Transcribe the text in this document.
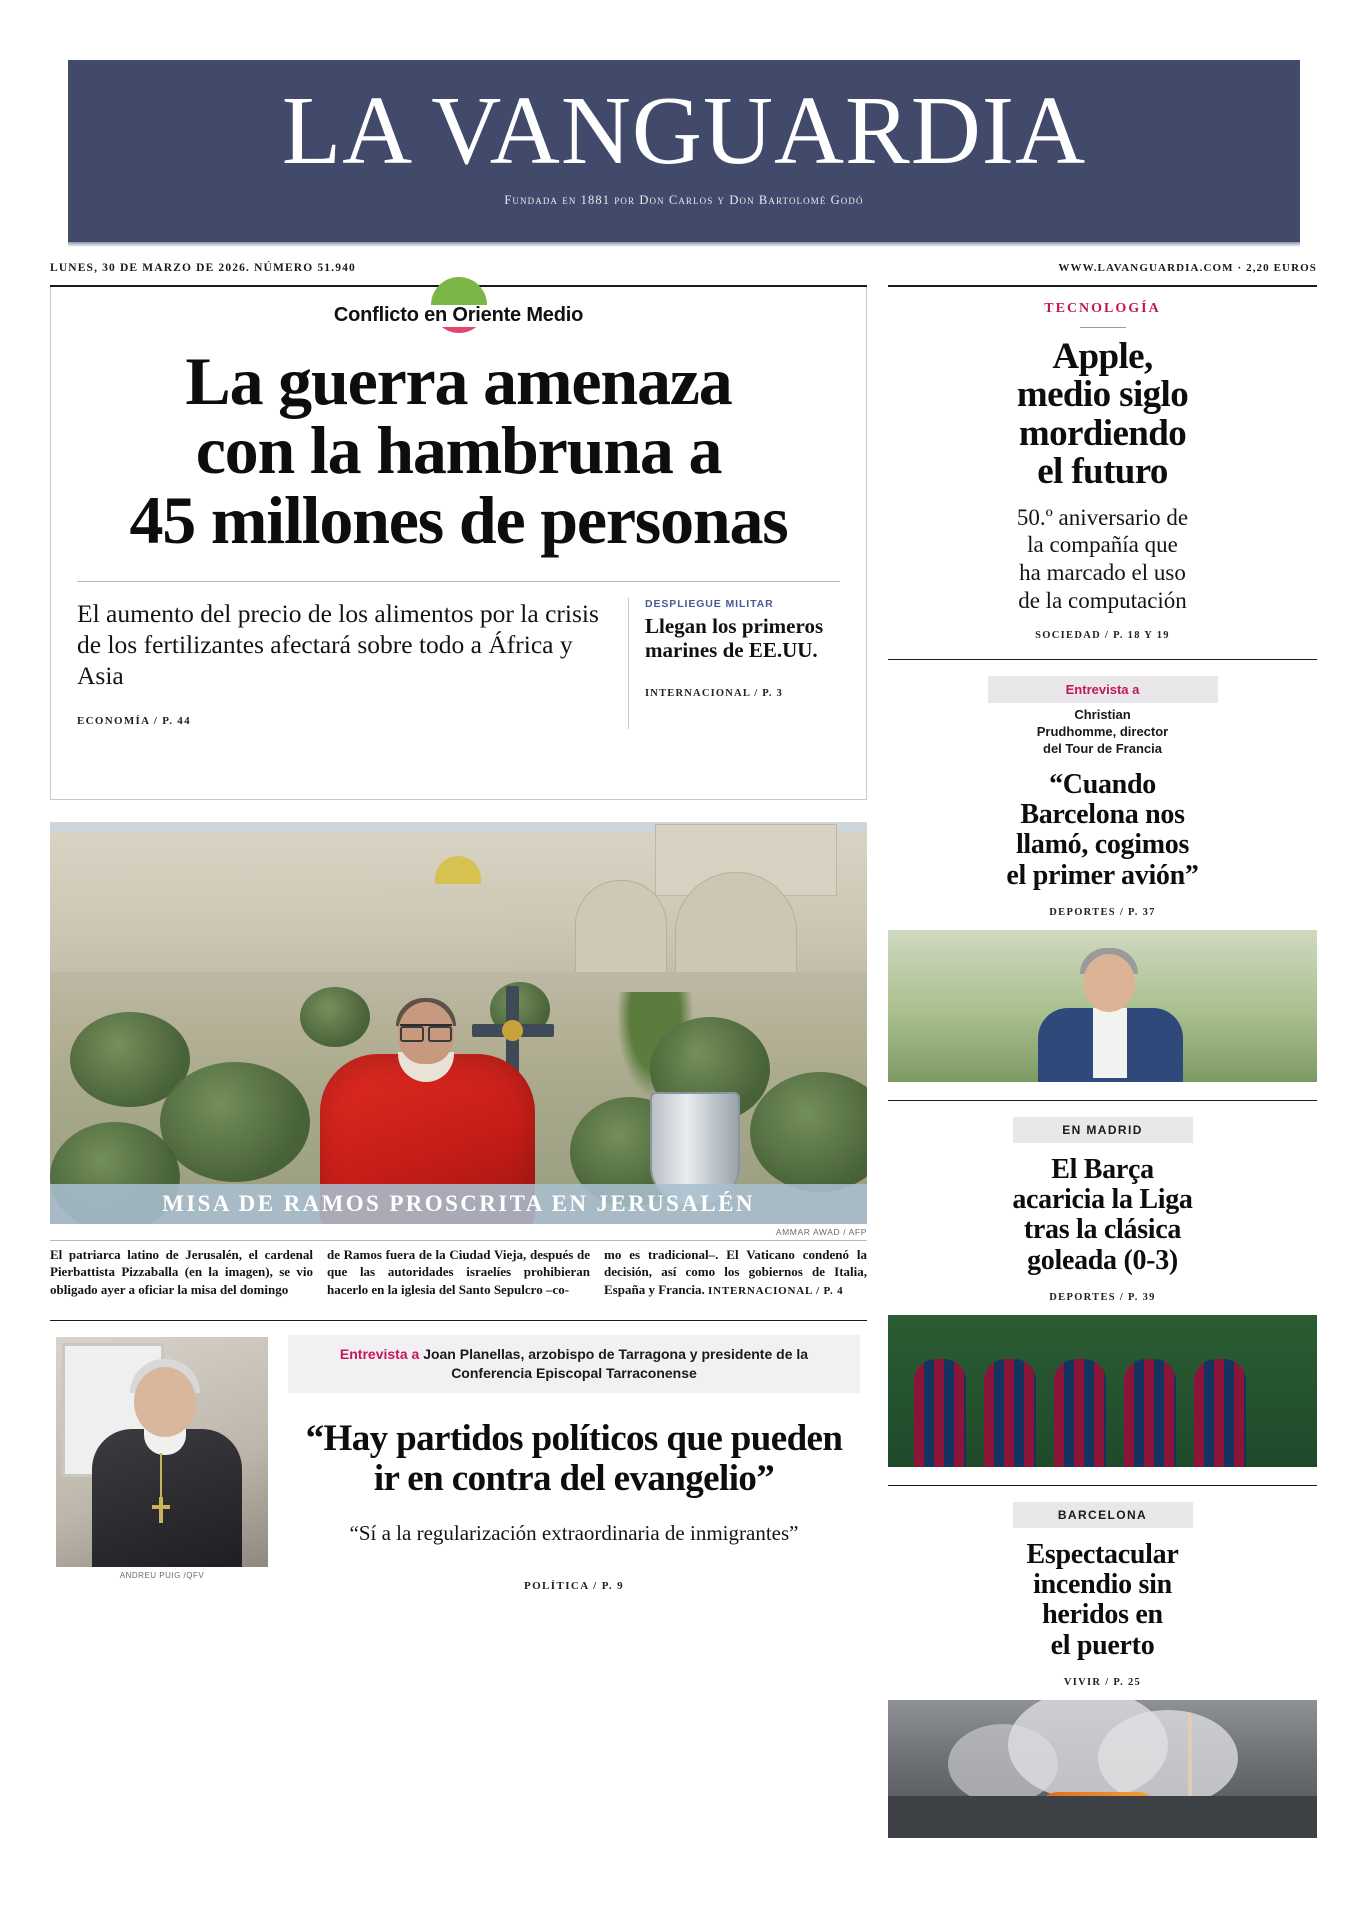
LA VANGUARDIA
Fundada en 1881 por Don Carlos y Don Bartolomé Godó
LUNES, 30 DE MARZO DE 2026. NÚMERO 51.940	WWW.LAVANGUARDIA.COM · 2,20 EUROS
Conflicto en Oriente Medio
La guerra amenaza
con la hambruna a
45 millones de personas
El aumento del precio de los alimentos por la crisis
de los fertilizantes afectará sobre todo a África y Asia
ECONOMÍA / P. 44
DESPLIEGUE MILITAR
Llegan los primeros
marines de EE.UU.
INTERNACIONAL / P. 3
MISA DE RAMOS PROSCRITA EN JERUSALÉN
AMMAR AWAD / AFP
El patriarca latino de Jerusalén, el cardenal Pierbattista Pizzaballa (en la imagen), se vio obligado ayer a oficiar la misa del domingo
de Ramos fuera de la Ciudad Vieja, después de que las autoridades israelíes prohibieran hacerlo en la iglesia del Santo Sepulcro –co-
mo es tradicional–. El Vaticano condenó la decisión, así como los gobiernos de Italia, España y Francia. INTERNACIONAL / P. 4
ANDREU PUIG /QFV
Entrevista a Joan Planellas, arzobispo de Tarragona y presidente de la Conferencia Episcopal Tarraconense
“Hay partidos políticos que pueden
ir en contra del evangelio”
“Sí a la regularización extraordinaria de inmigrantes”
POLÍTICA / P. 9
TECNOLOGÍA
Apple,
medio siglo
mordiendo
el futuro
50.º aniversario de
la compañía que
ha marcado el uso
de la computación
SOCIEDAD / P. 18 Y 19
Entrevista a
Christian
Prudhomme, director
del Tour de Francia
“Cuando
Barcelona nos
llamó, cogimos
el primer avión”
DEPORTES / P. 37
EN MADRID
El Barça
acaricia la Liga
tras la clásica
goleada (0-3)
DEPORTES / P. 39
BARCELONA
Espectacular
incendio sin
heridos en
el puerto
VIVIR / P. 25
